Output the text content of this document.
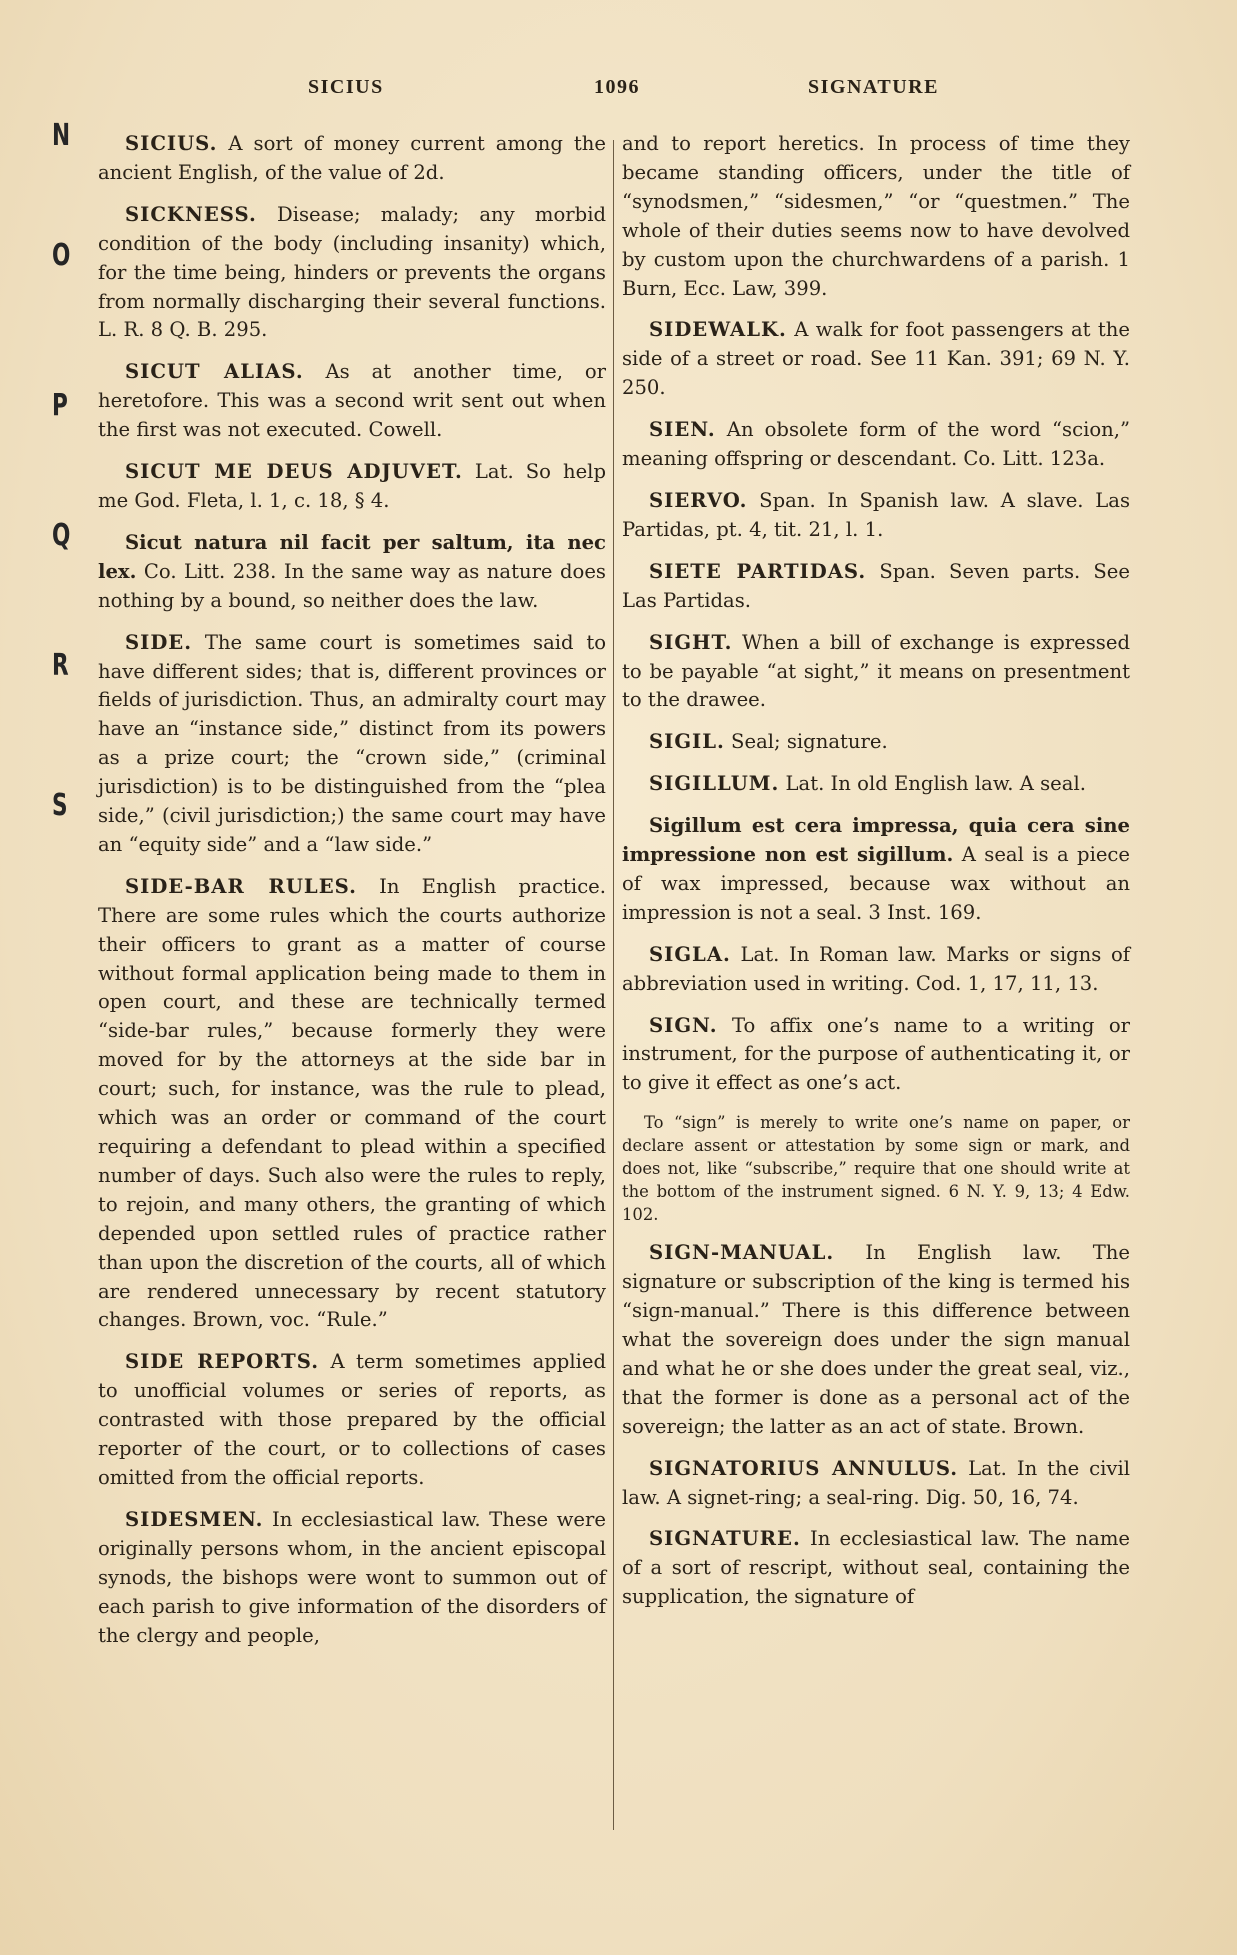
SICIUS	1096	SIGNATURE
N
O
P
Q
R
S

SICIUS. A sort of money current among the ancient English, of the value of 2d.

SICKNESS. Disease; malady; any morbid condition of the body (including insanity) which, for the time being, hinders or prevents the organs from normally discharging their several functions. L. R. 8 Q. B. 295.

SICUT ALIAS. As at another time, or heretofore. This was a second writ sent out when the first was not executed. Cowell.

SICUT ME DEUS ADJUVET. Lat. So help me God. Fleta, l. 1, c. 18, § 4.

Sicut natura nil facit per saltum, ita nec lex. Co. Litt. 238. In the same way as nature does nothing by a bound, so neither does the law.

SIDE. The same court is sometimes said to have different sides; that is, different provinces or fields of jurisdiction. Thus, an admiralty court may have an “instance side,” distinct from its powers as a prize court; the “crown side,” (criminal jurisdiction) is to be distinguished from the “plea side,” (civil jurisdiction;) the same court may have an “equity side” and a “law side.”

SIDE-BAR RULES. In English practice. There are some rules which the courts authorize their officers to grant as a matter of course without formal application being made to them in open court, and these are technically termed “side-bar rules,” because formerly they were moved for by the attorneys at the side bar in court; such, for instance, was the rule to plead, which was an order or command of the court requiring a defendant to plead within a specified number of days. Such also were the rules to reply, to rejoin, and many others, the granting of which depended upon settled rules of practice rather than upon the discretion of the courts, all of which are rendered unnecessary by recent statutory changes. Brown, voc. “Rule.”

SIDE REPORTS. A term sometimes applied to unofficial volumes or series of reports, as contrasted with those prepared by the official reporter of the court, or to collections of cases omitted from the official reports.

SIDESMEN. In ecclesiastical law. These were originally persons whom, in the ancient episcopal synods, the bishops were wont to summon out of each parish to give information of the disorders of the clergy and people,

and to report heretics. In process of time they became standing officers, under the title of “synodsmen,” “sidesmen,” “or “questmen.” The whole of their duties seems now to have devolved by custom upon the churchwardens of a parish. 1 Burn, Ecc. Law, 399.

SIDEWALK. A walk for foot passengers at the side of a street or road. See 11 Kan. 391; 69 N. Y. 250.

SIEN. An obsolete form of the word “scion,” meaning offspring or descendant. Co. Litt. 123a.

SIERVO. Span. In Spanish law. A slave. Las Partidas, pt. 4, tit. 21, l. 1.

SIETE PARTIDAS. Span. Seven parts. See Las Partidas.

SIGHT. When a bill of exchange is expressed to be payable “at sight,” it means on presentment to the drawee.

SIGIL. Seal; signature.

SIGILLUM. Lat. In old English law. A seal.

Sigillum est cera impressa, quia cera sine impressione non est sigillum. A seal is a piece of wax impressed, because wax without an impression is not a seal. 3 Inst. 169.

SIGLA. Lat. In Roman law. Marks or signs of abbreviation used in writing. Cod. 1, 17, 11, 13.

SIGN. To affix one’s name to a writing or instrument, for the purpose of authenticating it, or to give it effect as one’s act.

To “sign” is merely to write one’s name on paper, or declare assent or attestation by some sign or mark, and does not, like “subscribe,” require that one should write at the bottom of the instrument signed. 6 N. Y. 9, 13; 4 Edw. 102.

SIGN-MANUAL. In English law. The signature or subscription of the king is termed his “sign-manual.” There is this difference between what the sovereign does under the sign manual and what he or she does under the great seal, viz., that the former is done as a personal act of the sovereign; the latter as an act of state. Brown.

SIGNATORIUS ANNULUS. Lat. In the civil law. A signet-ring; a seal-ring. Dig. 50, 16, 74.

SIGNATURE. In ecclesiastical law. The name of a sort of rescript, without seal, containing the supplication, the signature of
